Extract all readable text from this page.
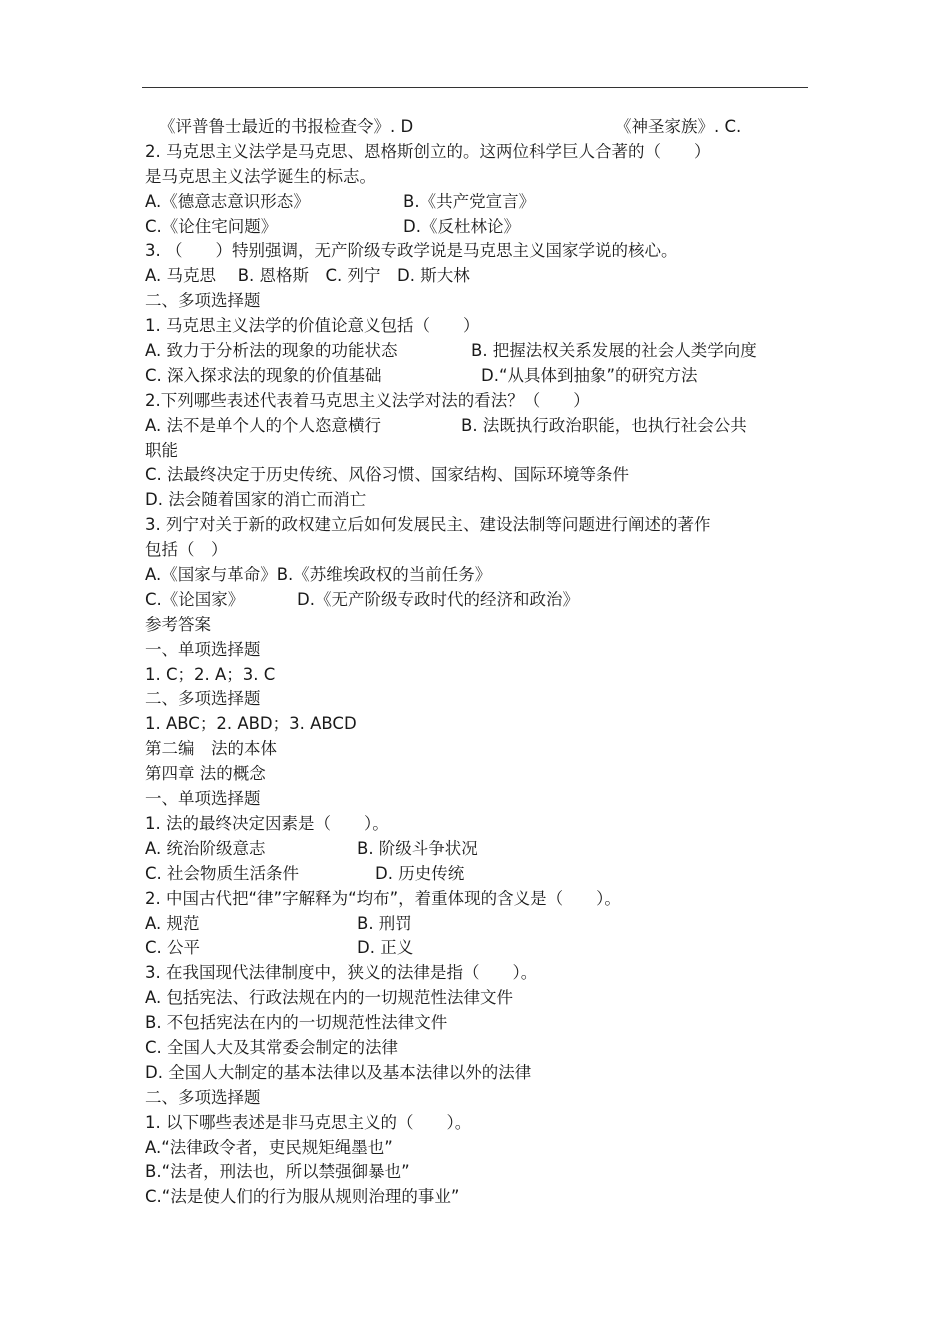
《评普鲁士最近的书报检查令》. D	《神圣家族》. C.
2. 马克思主义法学是马克思、恩格斯创立的。这两位科学巨人合著的（　　）
是马克思主义法学诞生的标志。
A.《德意志意识形态》	B.《共产党宣言》
C.《论住宅问题》	D.《反杜林论》
3. （　　）特别强调，无产阶级专政学说是马克思主义国家学说的核心。
A. 马克思　 B. 恩格斯　C. 列宁　D. 斯大林
二、多项选择题
1. 马克思主义法学的价值论意义包括（　　）
A. 致力于分析法的现象的功能状态	B. 把握法权关系发展的社会人类学向度
C. 深入探求法的现象的价值基础	D.“从具体到抽象”的研究方法
2.下列哪些表述代表着马克思主义法学对法的看法？（　　）
A. 法不是单个人的个人恣意横行	B. 法既执行政治职能，也执行社会公共
职能
C. 法最终决定于历史传统、风俗习惯、国家结构、国际环境等条件
D. 法会随着国家的消亡而消亡
3. 列宁对关于新的政权建立后如何发展民主、建设法制等问题进行阐述的著作
包括（　）
A.《国家与革命》B.《苏维埃政权的当前任务》
C.《论国家》	D.《无产阶级专政时代的经济和政治》
参考答案
一、单项选择题
1. C；2. A；3. C
二、多项选择题
1. ABC；2. ABD；3. ABCD
第二编　法的本体
第四章 法的概念
一、单项选择题
1. 法的最终决定因素是（　　）。
A. 统治阶级意志	B. 阶级斗争状况
C. 社会物质生活条件	D. 历史传统
2. 中国古代把“律”字解释为“均布”，着重体现的含义是（　　）。
A. 规范	B. 刑罚
C. 公平	D. 正义
3. 在我国现代法律制度中，狭义的法律是指（　　）。
A. 包括宪法、行政法规在内的一切规范性法律文件
B. 不包括宪法在内的一切规范性法律文件
C. 全国人大及其常委会制定的法律
D. 全国人大制定的基本法律以及基本法律以外的法律
二、多项选择题
1. 以下哪些表述是非马克思主义的（　　）。
A.“法律政令者，吏民规矩绳墨也”
B.“法者，刑法也，所以禁强御暴也”
C.“法是使人们的行为服从规则治理的事业”
